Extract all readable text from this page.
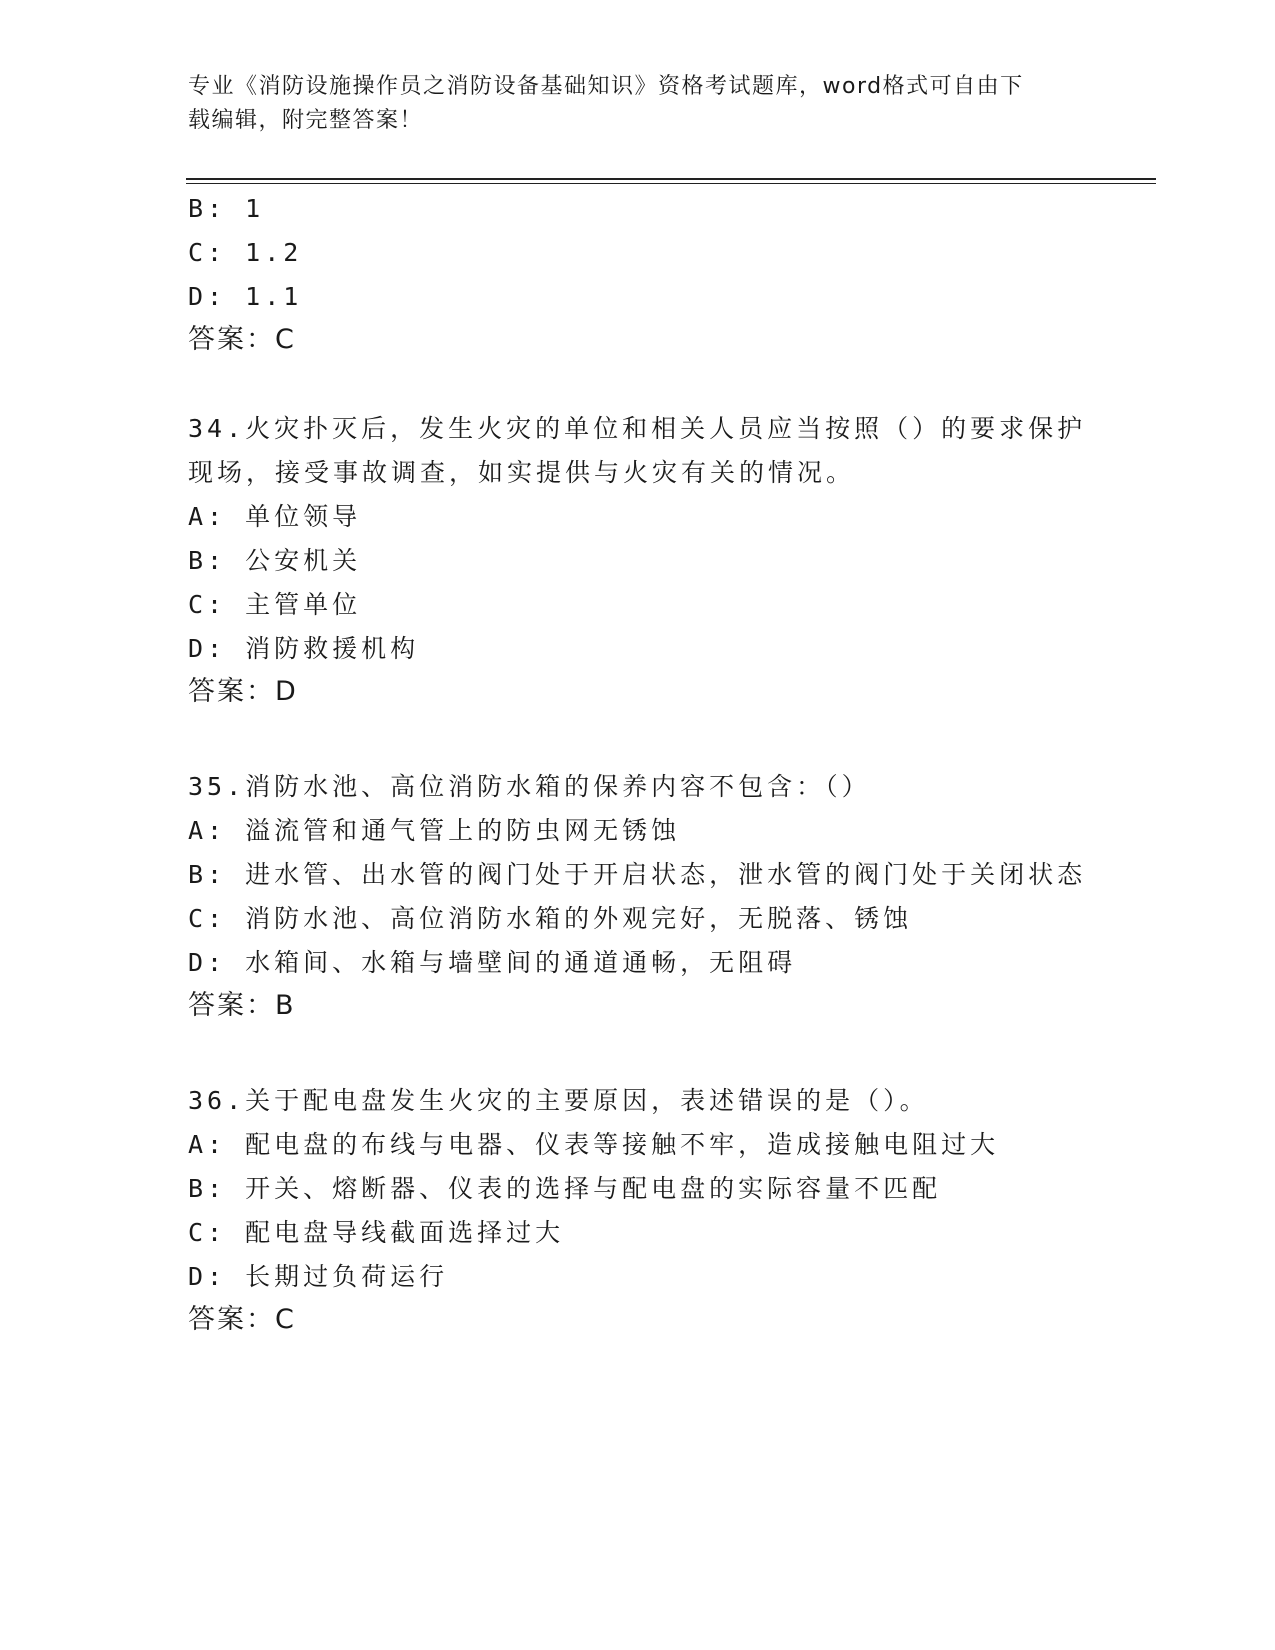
专业《消防设施操作员之消防设备基础知识》资格考试题库，word格式可自由下
载编辑，附完整答案！
B: 1
C: 1.2
D: 1.1
答案：C
34.火灾扑灭后，发生火灾的单位和相关人员应当按照（）的要求保护
现场，接受事故调查，如实提供与火灾有关的情况。
A: 单位领导
B: 公安机关
C: 主管单位
D: 消防救援机构
答案：D
35.消防水池、高位消防水箱的保养内容不包含：（）
A: 溢流管和通气管上的防虫网无锈蚀
B: 进水管、出水管的阀门处于开启状态，泄水管的阀门处于关闭状态
C: 消防水池、高位消防水箱的外观完好，无脱落、锈蚀
D: 水箱间、水箱与墙壁间的通道通畅，无阻碍
答案：B
36.关于配电盘发生火灾的主要原因，表述错误的是（）。
A: 配电盘的布线与电器、仪表等接触不牢，造成接触电阻过大
B: 开关、熔断器、仪表的选择与配电盘的实际容量不匹配
C: 配电盘导线截面选择过大
D: 长期过负荷运行
答案：C
